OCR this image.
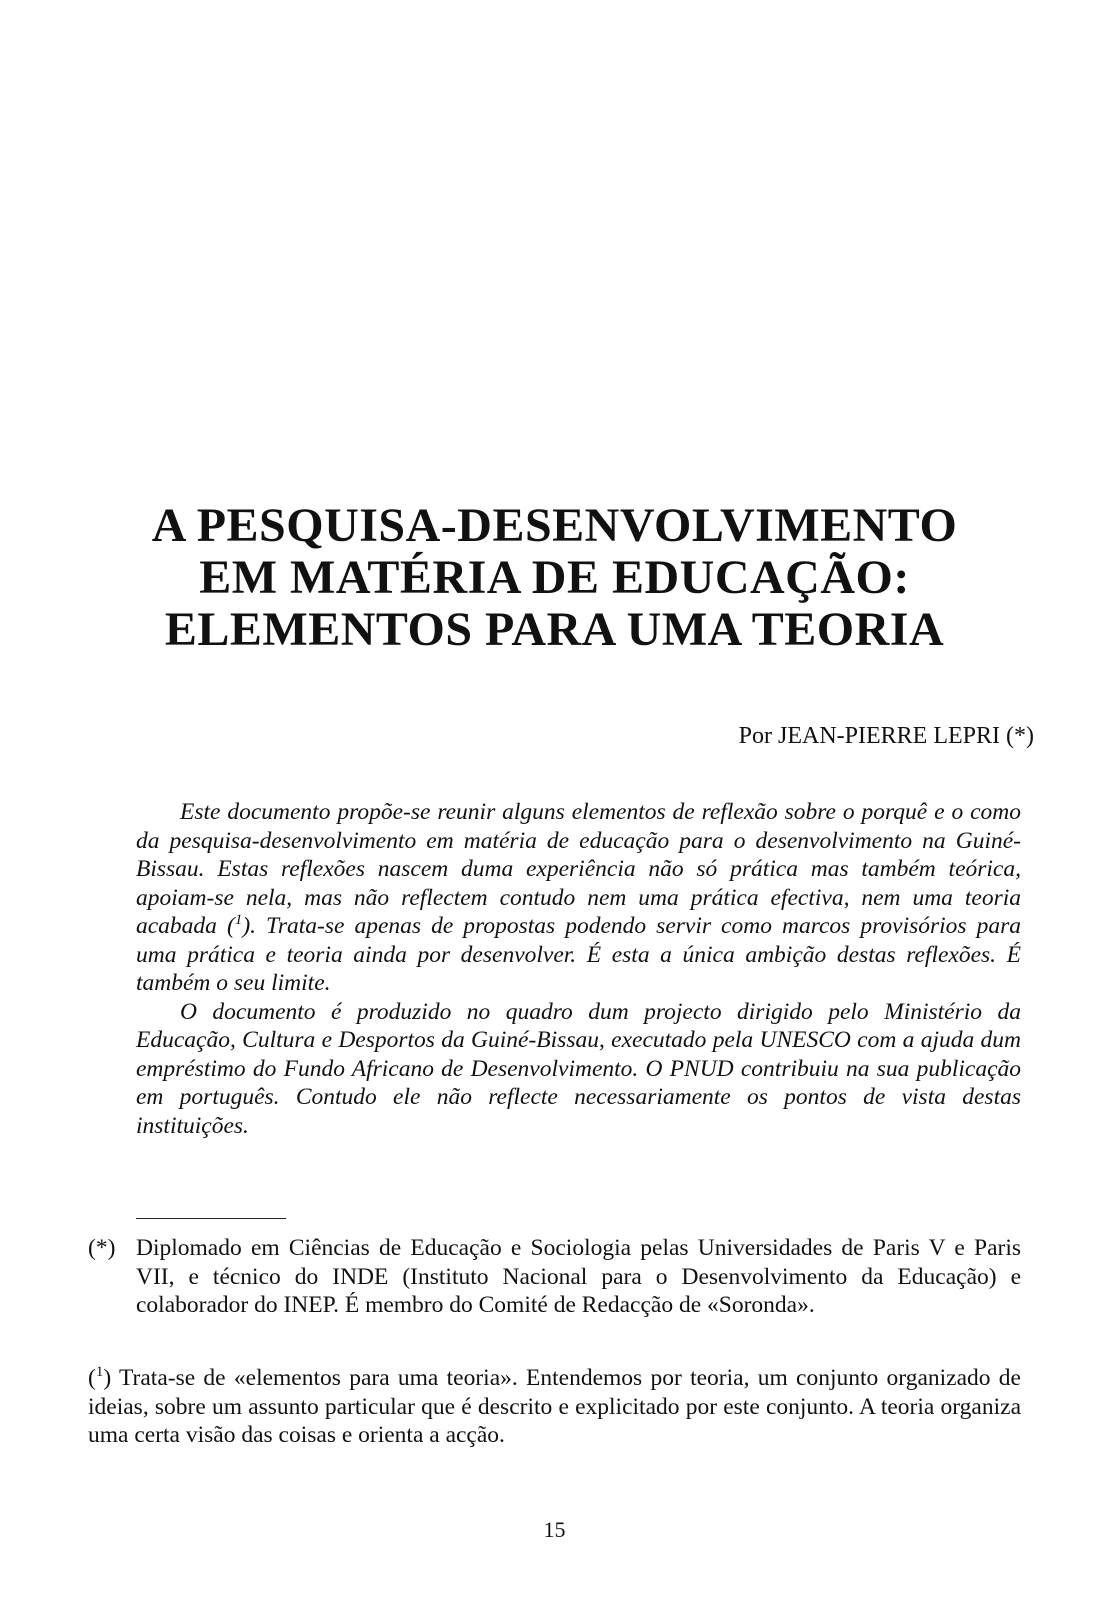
A PESQUISA-DESENVOLVIMENTO
EM MATÉRIA DE EDUCAÇÃO:
ELEMENTOS PARA UMA TEORIA
Por JEAN-PIERRE LEPRI (*)

Este documento propõe-se reunir alguns elementos de reflexão sobre o porquê e o como da pesquisa-desenvolvimento em matéria de educação para o desenvolvimento na Guiné-Bissau. Estas reflexões nascem duma experiência não só prática mas também teórica, apoiam-se nela, mas não reflectem contudo nem uma prática efectiva, nem uma teoria acabada ($^1$). Trata-se apenas de propostas podendo servir como marcos provisórios para uma prática e teoria ainda por desenvolver. É esta a única ambição destas reflexões. É também o seu limite.

O documento é produzido no quadro dum projecto dirigido pelo Ministério da Educação, Cultura e Desportos da Guiné-Bissau, executado pela UNESCO com a ajuda dum empréstimo do Fundo Africano de Desenvolvimento. O PNUD contribuiu na sua publicação em português. Contudo ele não reflecte necessariamente os pontos de vista destas instituições.

(*) Diplomado em Ciências de Educação e Sociologia pelas Universidades de Paris V e Paris VII, e técnico do INDE (Instituto Nacional para o Desenvolvimento da Educação) e colaborador do INEP. É membro do Comité de Redacção de «Soronda».
($^1$) Trata-se de «elementos para uma teoria». Entendemos por teoria, um conjunto organizado de ideias, sobre um assunto particular que é descrito e explicitado por este conjunto. A teoria organiza uma certa visão das coisas e orienta a acção.
15
